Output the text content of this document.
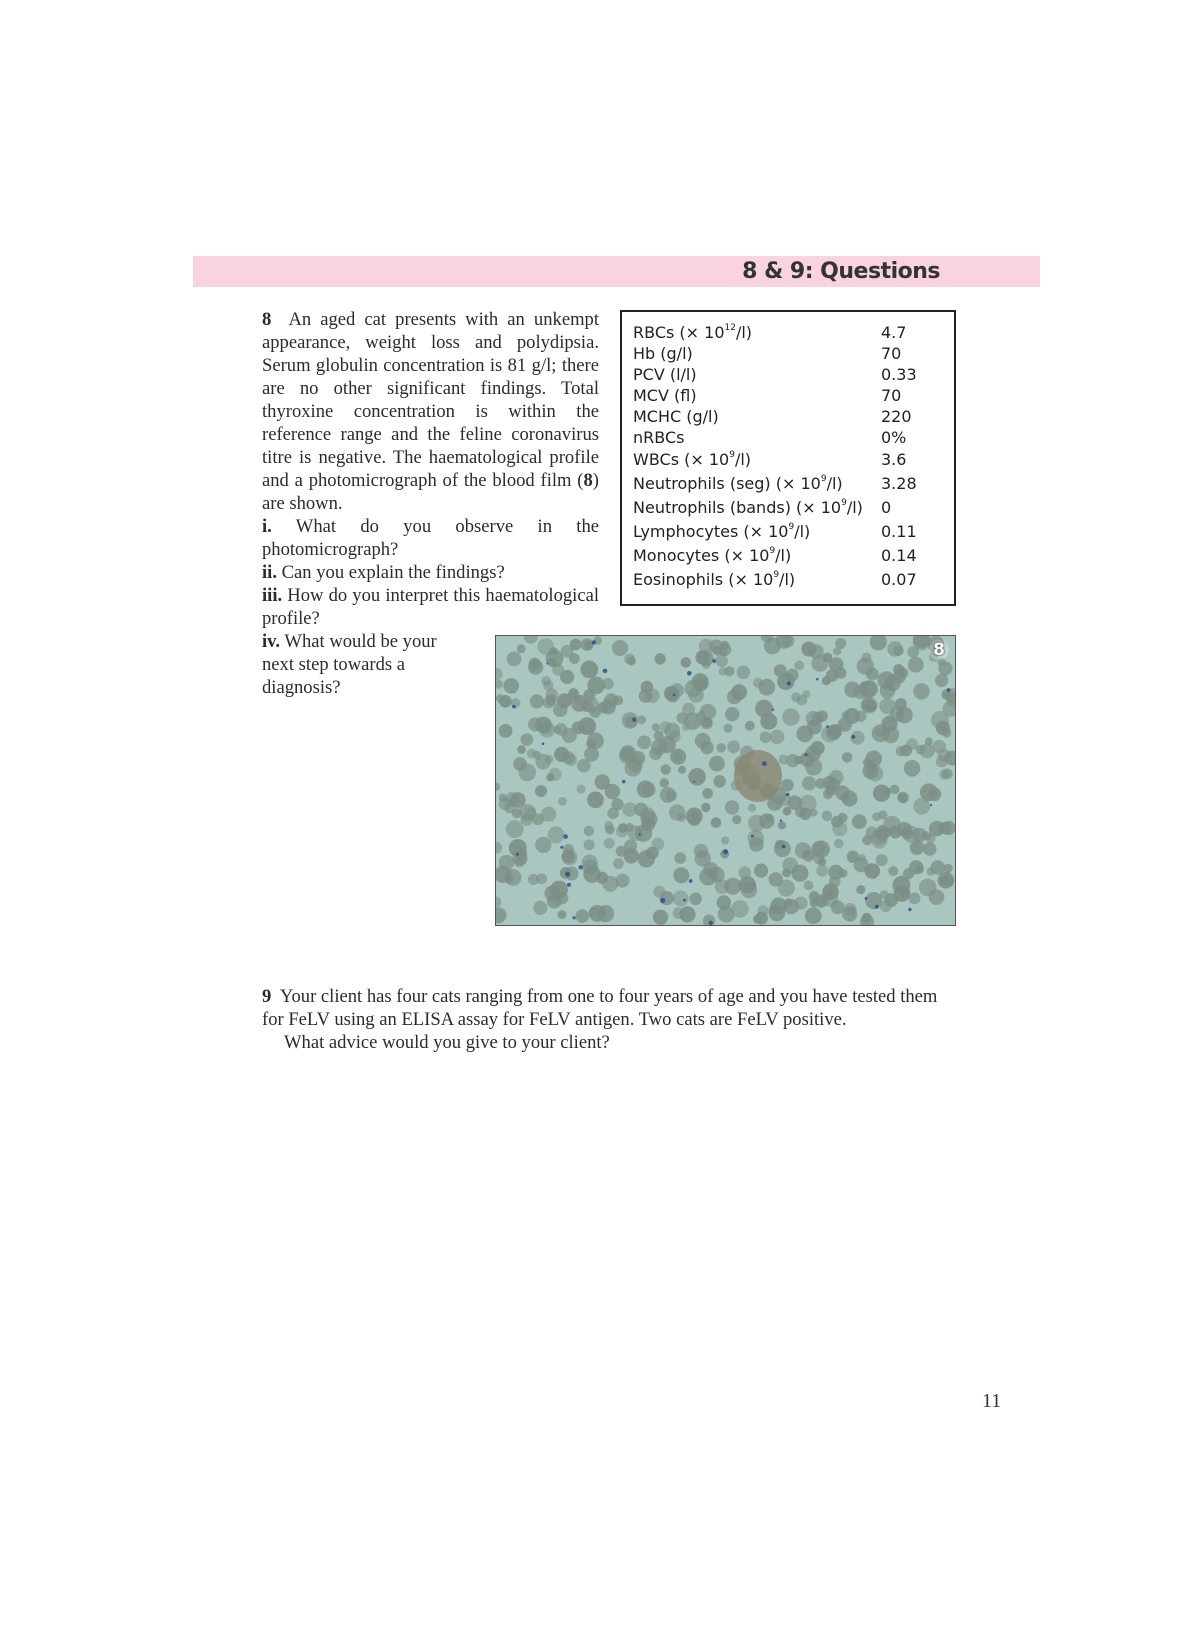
8 & 9: Questions

8 An aged cat presents with an unkempt appearance, weight loss and polydipsia. Serum globulin concentration is 81 g/l; there are no other significant findings. Total thyroxine concentration is within the reference range and the feline coronavirus titre is negative. The haematological profile and a photomicrograph of the blood film (8) are shown.

i. What do you observe in the photomicrograph?

ii. Can you explain the findings?

iii. How do you interpret this haematological profile?

iv. What would be your next step towards a diagnosis?

RBCs (× $10^{12}/l$)	4.7
Hb (g/l)	70
PCV (l/l)	0.33
MCV (fl)	70
MCHC (g/l)	220
nRBCs	0%
WBCs (× $10^9/l$)	3.6
Neutrophils (seg) (× $10^9/l$) 3.28
Neutrophils (bands) (× $10^9/l$) 0
Lymphocytes (× $10^9/l$)	0.11
Monocytes (× $10^9/l$)	0.14
Eosinophils (× $10^9/l$)	0.07
8

9 Your client has four cats ranging from one to four years of age and you have tested them for FeLV using an ELISA assay for FeLV antigen. Two cats are FeLV positive.

What advice would you give to your client?

11
